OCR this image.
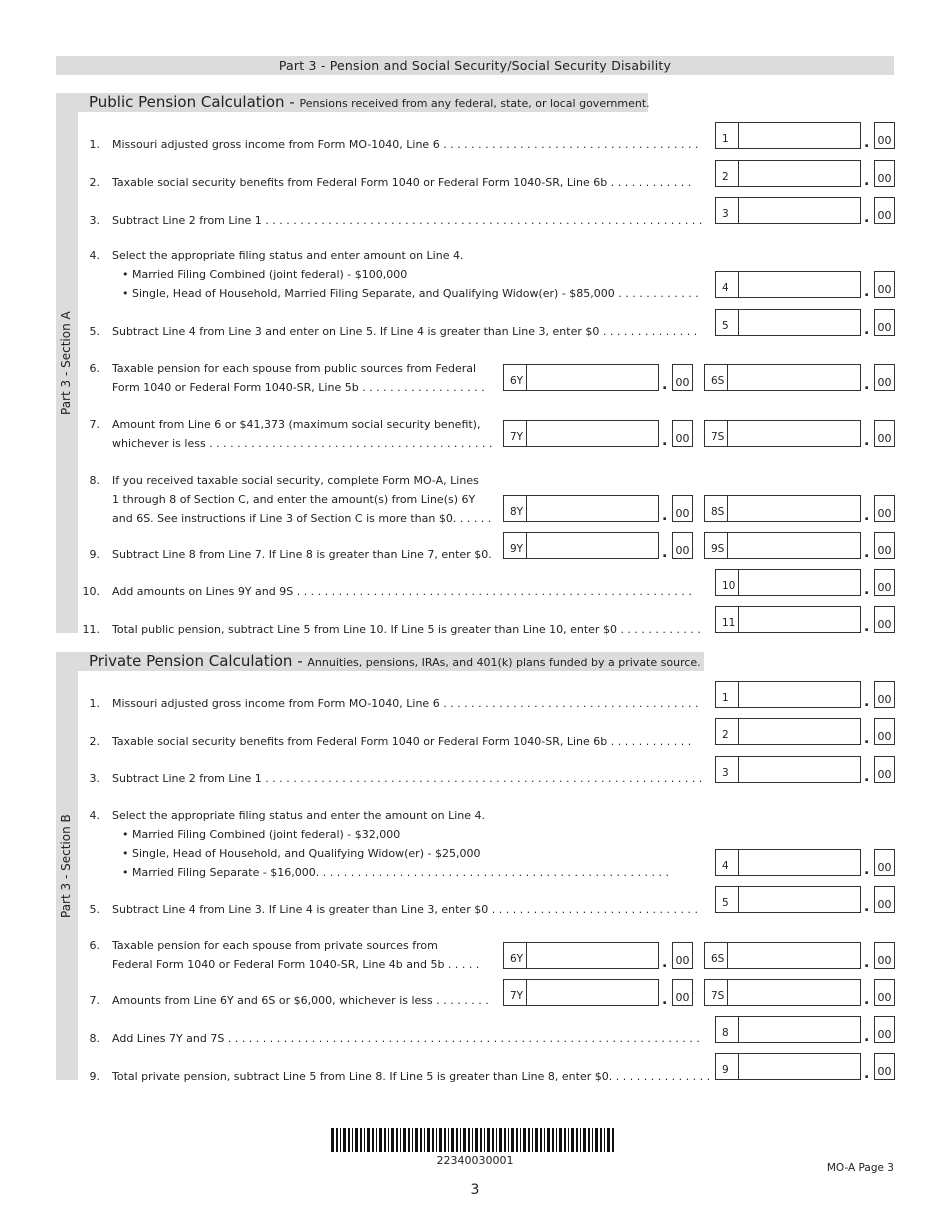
Part 3 - Pension and Social Security/Social Security Disability
Part 3 - Section A
Public Pension Calculation - Pensions received from any federal, state, or local government.
1. Missouri adjusted gross income from Form MO-1040, Line 6 . . . . . . . . . . . . . . . . . . . . . . . . . . . . . . . . . . . . . 1	. 00
2. Taxable social security benefits from Federal Form 1040 or Federal Form 1040-SR, Line 6b . . . . . . . . . . . .	2	. 00
3. Subtract Line 2 from Line 1 . . . . . . . . . . . . . . . . . . . . . . . . . . . . . . . . . . . . . . . . . . . . . . . . . . . . . . . . . . . . . . . 3	. 00
4. Select the appropriate filing status and enter amount on Line 4.
• Married Filing Combined (joint federal) - $100,000
• Single, Head of Household, Married Filing Separate, and Qualifying Widow(er) - $85,000 . . . . . . . . . . . . 4	. 00
5. Subtract Line 4 from Line 3 and enter on Line 5. If Line 4 is greater than Line 3, enter $0 . . . . . . . . . . . . . . 5	. 00
6. Taxable pension for each spouse from public sources from Federal
Form 1040 or Federal Form 1040-SR, Line 5b . . . . . . . . . . . . . . . . . . 6Y	. 00	6S	. 00
7. Amount from Line 6 or $41,373 (maximum social security benefit),
whichever is less . . . . . . . . . . . . . . . . . . . . . . . . . . . . . . . . . . . . . . . . . 7Y	. 00	7S	. 00
8. If you received taxable social security, complete Form MO-A, Lines
1 through 8 of Section C, and enter the amount(s) from Line(s) 6Y
and 6S. See instructions if Line 3 of Section C is more than $0. . . . . . 8Y	. 00	8S	. 00
9. Subtract Line 8 from Line 7. If Line 8 is greater than Line 7, enter $0. 9Y	. 00	9S	. 00
10. Add amounts on Lines 9Y and 9S . . . . . . . . . . . . . . . . . . . . . . . . . . . . . . . . . . . . . . . . . . . . . . . . . . . . . . . . .	10	. 00
11. Total public pension, subtract Line 5 from Line 10. If Line 5 is greater than Line 10, enter $0 . . . . . . . . . . . . 11	. 00
Part 3 - Section B
Private Pension Calculation - Annuities, pensions, IRAs, and 401(k) plans funded by a private source.
1. Missouri adjusted gross income from Form MO-1040, Line 6 . . . . . . . . . . . . . . . . . . . . . . . . . . . . . . . . . . . . . 1	. 00
2. Taxable social security benefits from Federal Form 1040 or Federal Form 1040-SR, Line 6b . . . . . . . . . . . .	2	. 00
3. Subtract Line 2 from Line 1 . . . . . . . . . . . . . . . . . . . . . . . . . . . . . . . . . . . . . . . . . . . . . . . . . . . . . . . . . . . . . . . 3	. 00
4. Select the appropriate filing status and enter the amount on Line 4.
• Married Filing Combined (joint federal) - $32,000
• Single, Head of Household, and Qualifying Widow(er) - $25,000
• Married Filing Separate - $16,000. . . . . . . . . . . . . . . . . . . . . . . . . . . . . . . . . . . . . . . . . . . . . . . . . . .	4	. 00
5. Subtract Line 4 from Line 3. If Line 4 is greater than Line 3, enter $0 . . . . . . . . . . . . . . . . . . . . . . . . . . . . . . 5	. 00
6. Taxable pension for each spouse from private sources from
Federal Form 1040 or Federal Form 1040-SR, Line 4b and 5b . . . . .	6Y	. 00	6S	. 00
7. Amounts from Line 6Y and 6S or $6,000, whichever is less . . . . . . . . 7Y	. 00	7S	. 00
8. Add Lines 7Y and 7S . . . . . . . . . . . . . . . . . . . . . . . . . . . . . . . . . . . . . . . . . . . . . . . . . . . . . . . . . . . . . . . . . . . . 8	. 00
9. Total private pension, subtract Line 5 from Line 8. If Line 5 is greater than Line 8, enter $0. . . . . . . . . . . . . . . 9	. 00
22340030001
MO-A Page 3
3
